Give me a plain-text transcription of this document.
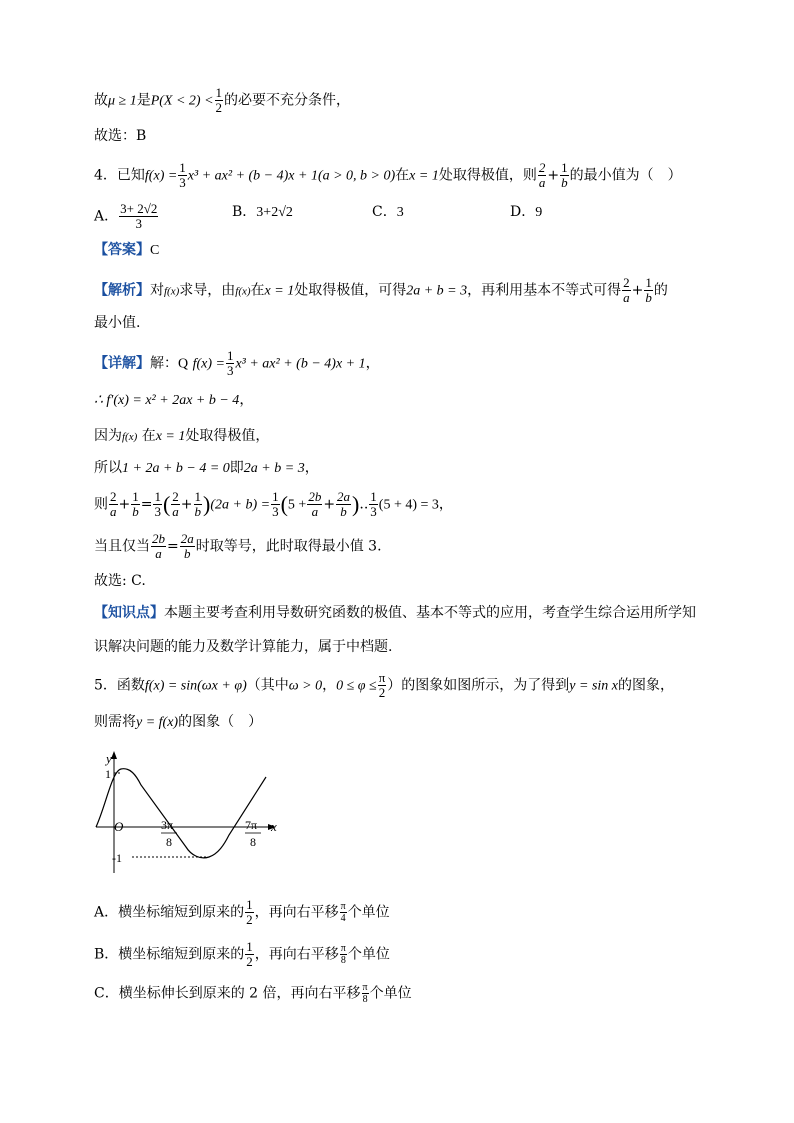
故μ ≥ 1是$P(X < 2) < \frac{1}{2}$ 的必要不充分条件，
故选：B
4．已知$f(x) = \frac{1}{3} x^3 + ax^2 + (b - 4)x + 1(a > 0$, b > 0)在x = 1处取得极值，则 $\frac{2}{a} + \frac{1}{b}$ 的最小值为（　）
A． $\frac{3+ 2√2}{3}$	B．3+2√2	C．3	D．9
【答案】C
【解析】对f(x)求导，由f(x)在x = 1处取得极值，可得2a + b = 3，再利用基本不等式可得 $\frac{2}{a} + \frac{1}{b}$ 的
最小值.
【详解】解：Q $f(x) = \frac{1}{3} x^3 + ax^2 + (b - 4)x + 1$，
∴ f′(x) = x² + 2ax + b − 4，
因为f(x) 在x = 1处取得极值，
所以1 + 2a + b − 4 = 0即2a + b = 3，
则 $\frac{2}{a} + \frac{1}{b} = \frac{1}{3}$ ( $\frac{2}{a} + \frac{1}{b} )(2a + b) = \frac{1}{3} (5 + \frac{2b}{a} + \frac{2a}{b}$ ).. $\frac{1}{3} (5 + 4) = 3$，
当且仅当 $\frac{2b}{a} = \frac{2a}{b}$ 时取等号，此时取得最小值 3.
故选: C.
【知识点】本题主要考查利用导数研究函数的极值、基本不等式的应用，考查学生综合运用所学知
识解决问题的能力及数学计算能力，属于中档题.
5．函数f(x) = sin(ωx + φ)（其中ω > 0，$0 \le \varphi \le \frac{\pi}{2}$ ）的图象如图所示，为了得到y = sin x的图象，
则需将y = f(x)的图象（　）
y
x
O
1
-1
3π
8
7π
8
A．横坐标缩短到原来的 $\frac{1}{2}$ ，再向右平移 $\frac{\pi}{4}$ 个单位
B．横坐标缩短到原来的 $\frac{1}{2}$ ，再向右平移 $\frac{\pi}{8}$ 个单位
C．横坐标伸长到原来的 2 倍，再向右平移 $\frac{\pi}{8}$ 个单位
